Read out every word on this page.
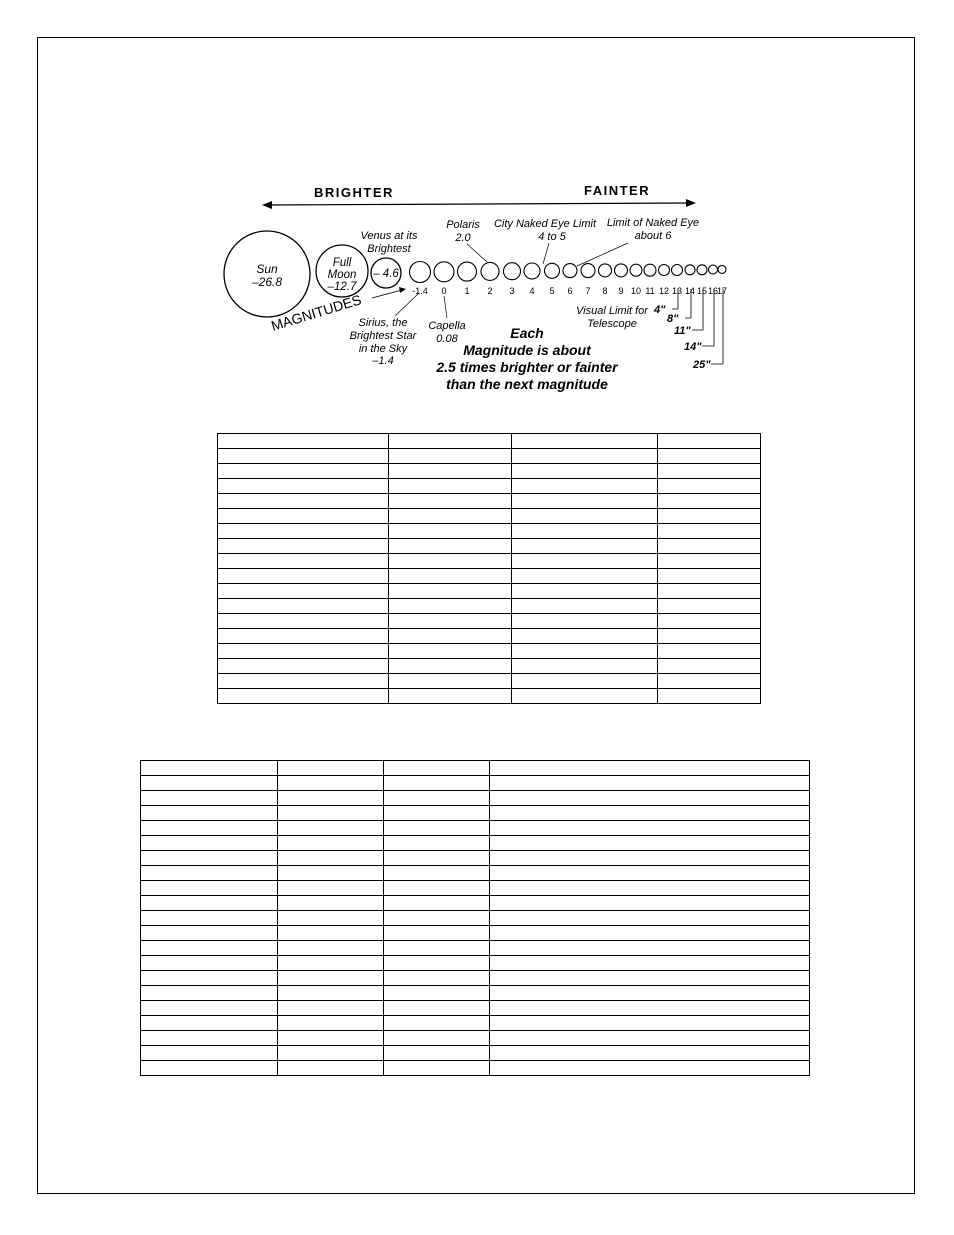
BRIGHTER	FAINTER
Sun
–26.8
Full
Moon
–12.7
– 4.6
Venus at its
Brightest
-1.4 0 1 2 3 4 5 6 7 8 9 10 11 12 13 14 15 16
17
MAGNITUDES
Polaris
2.0
City Naked Eye Limit
4 to 5
Limit of Naked Eye
about 6
Sirius, the
Brightest Star
in the Sky
–1.4
Capella
0.08	Each
Magnitude is about
2.5 times brighter or fainter
than the next magnitude
Visual Limit for
Telescope
4"
8"
11"
14"
25"
